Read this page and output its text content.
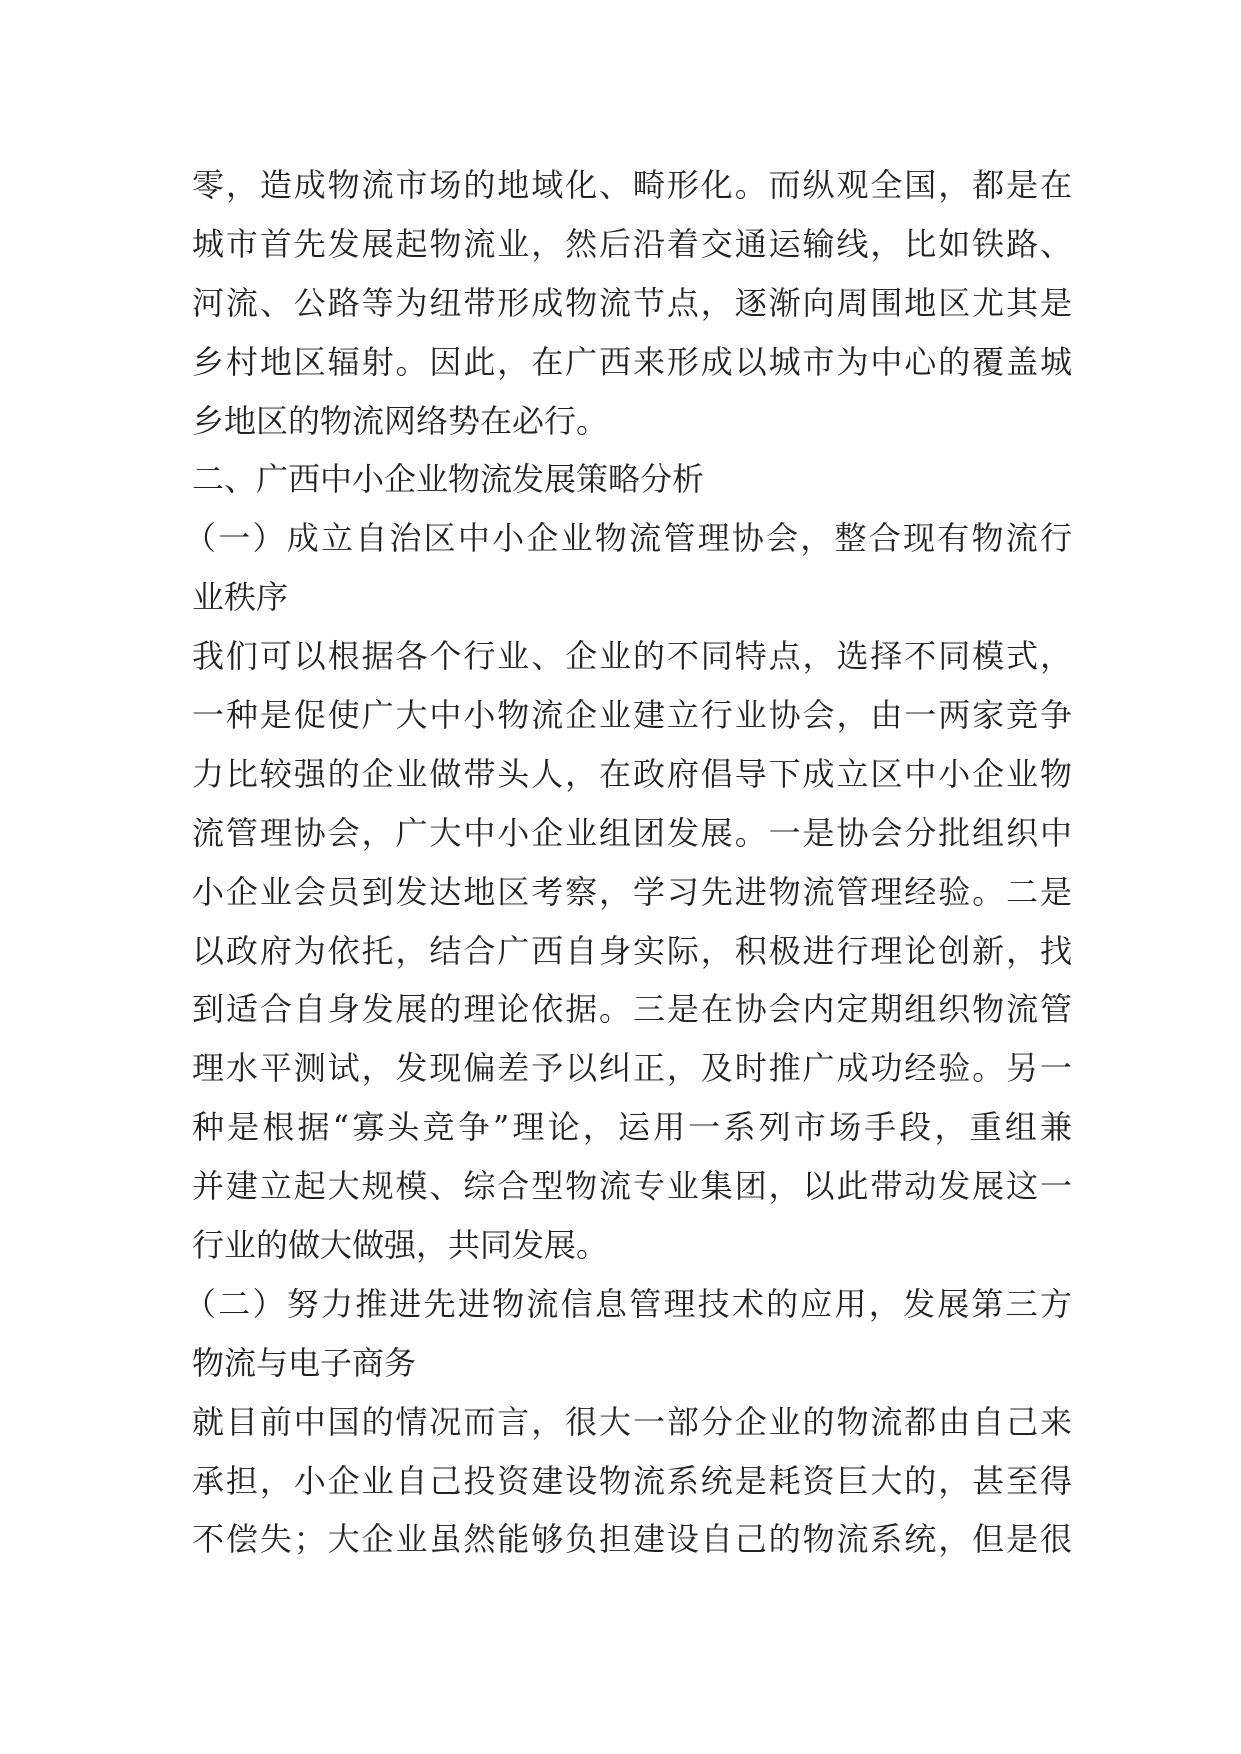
零，造成物流市场的地域化、畸形化。而纵观全国，都是在
城市首先发展起物流业，然后沿着交通运输线，比如铁路、
河流、公路等为纽带形成物流节点，逐渐向周围地区尤其是
乡村地区辐射。因此，在广西来形成以城市为中心的覆盖城
乡地区的物流网络势在必行。
二、广西中小企业物流发展策略分析
（一）成立自治区中小企业物流管理协会，整合现有物流行
业秩序
我们可以根据各个行业、企业的不同特点，选择不同模式，
一种是促使广大中小物流企业建立行业协会，由一两家竞争
力比较强的企业做带头人，在政府倡导下成立区中小企业物
流管理协会，广大中小企业组团发展。一是协会分批组织中
小企业会员到发达地区考察，学习先进物流管理经验。二是
以政府为依托，结合广西自身实际，积极进行理论创新，找
到适合自身发展的理论依据。三是在协会内定期组织物流管
理水平测试，发现偏差予以纠正，及时推广成功经验。另一
种是根据“寡头竞争”理论，运用一系列市场手段，重组兼
并建立起大规模、综合型物流专业集团，以此带动发展这一
行业的做大做强，共同发展。
（二）努力推进先进物流信息管理技术的应用，发展第三方
物流与电子商务
就目前中国的情况而言，很大一部分企业的物流都由自己来
承担，小企业自己投资建设物流系统是耗资巨大的，甚至得
不偿失；大企业虽然能够负担建设自己的物流系统，但是很
